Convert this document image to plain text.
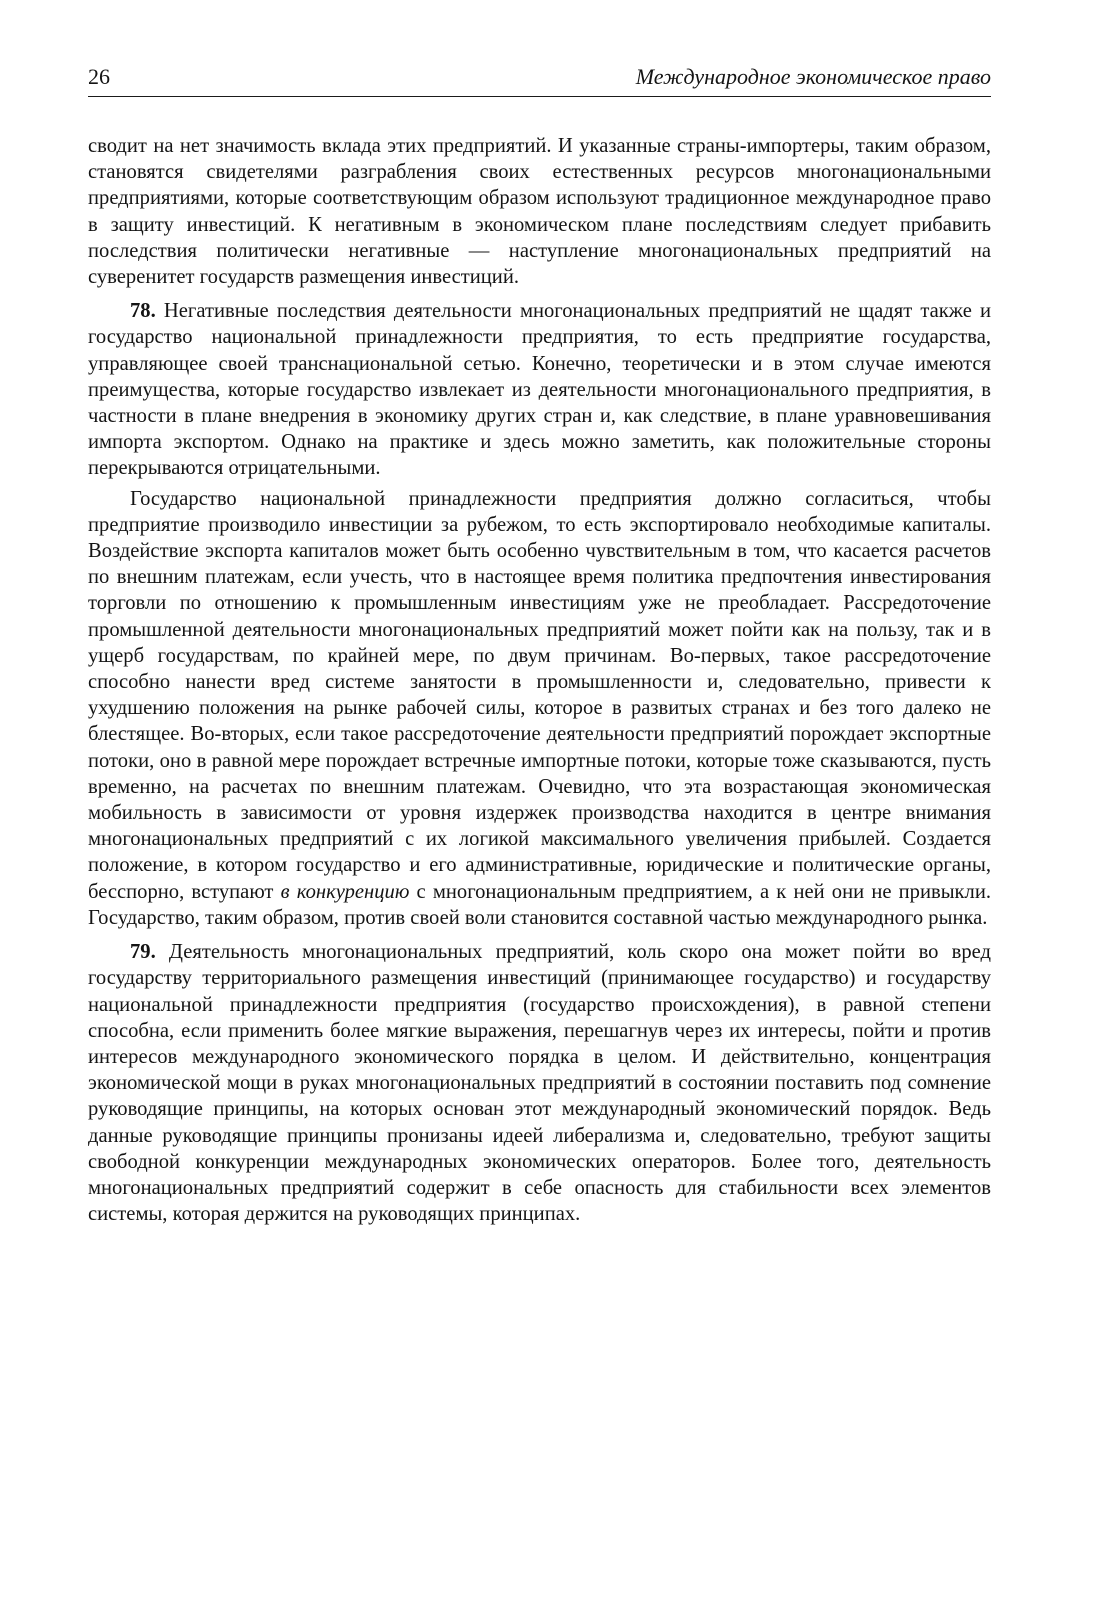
26	Международное экономическое право

сводит на нет значимость вклада этих предприятий. И указанные страны-импортеры, таким образом, становятся свидетелями разграбления своих естественных ресурсов многонациональными предприятиями, которые соответствующим образом используют традиционное международное право в защиту инвестиций. К негативным в экономическом плане последствиям следует прибавить последствия политически негативные — наступление многонациональных предприятий на суверенитет государств размещения инвестиций.

78. Негативные последствия деятельности многонациональных предприятий не щадят также и государство национальной принадлежности предприятия, то есть предприятие государства, управляющее своей транснациональной сетью. Конечно, теоретически и в этом случае имеются преимущества, которые государство извлекает из деятельности многонационального предприятия, в частности в плане внедрения в экономику других стран и, как следствие, в плане уравновешивания импорта экспортом. Однако на практике и здесь можно заметить, как положительные стороны перекрываются отрицательными.

Государство национальной принадлежности предприятия должно согласиться, чтобы предприятие производило инвестиции за рубежом, то есть экспортировало необходимые капиталы. Воздействие экспорта капиталов может быть особенно чувствительным в том, что касается расчетов по внешним платежам, если учесть, что в настоящее время политика предпочтения инвестирования торговли по отношению к промышленным инвестициям уже не преобладает. Рассредоточение промышленной деятельности многонациональных предприятий может пойти как на пользу, так и в ущерб государствам, по крайней мере, по двум причинам. Во-первых, такое рассредоточение способно нанести вред системе занятости в промышленности и, следовательно, привести к ухудшению положения на рынке рабочей силы, которое в развитых странах и без того далеко не блестящее. Во-вторых, если такое рассредоточение деятельности предприятий порождает экспортные потоки, оно в равной мере порождает встречные импортные потоки, которые тоже сказываются, пусть временно, на расчетах по внешним платежам. Очевидно, что эта возрастающая экономическая мобильность в зависимости от уровня издержек производства находится в центре внимания многонациональных предприятий с их логикой максимального увеличения прибылей. Создается положение, в котором государство и его административные, юридические и политические органы, бесспорно, вступают в конкуренцию с многонациональным предприятием, а к ней они не привыкли. Государство, таким образом, против своей воли становится составной частью международного рынка.

79. Деятельность многонациональных предприятий, коль скоро она может пойти во вред государству территориального размещения инвестиций (принимающее государство) и государству национальной принадлежности предприятия (государство происхождения), в равной степени способна, если применить более мягкие выражения, перешагнув через их интересы, пойти и против интересов международного экономического порядка в целом. И действительно, концентрация экономической мощи в руках многонациональных предприятий в состоянии поставить под сомнение руководящие принципы, на которых основан этот международный экономический порядок. Ведь данные руководящие принципы пронизаны идеей либерализма и, следовательно, требуют защиты свободной конкуренции международных экономических операторов. Более того, деятельность многонациональных предприятий содержит в себе опасность для стабильности всех элементов системы, которая держится на руководящих принципах.
